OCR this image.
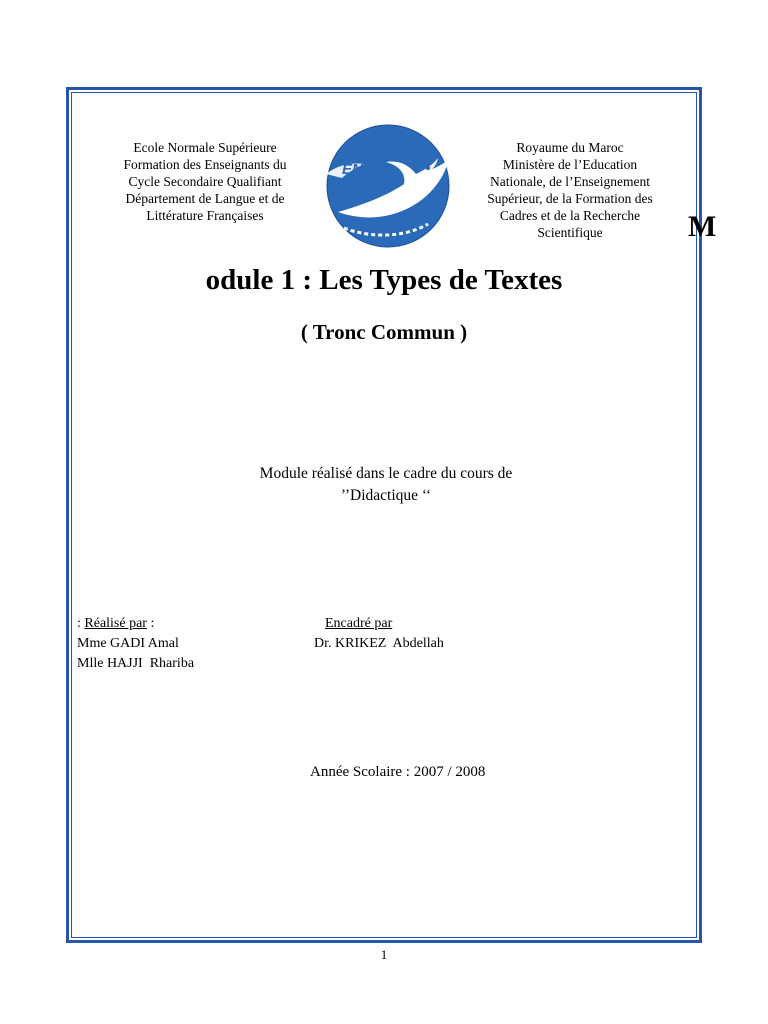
Ecole Normale Supérieure
Formation des Enseignants du
Cycle Secondaire Qualifiant
Département de Langue et de
Littérature Françaises
ENS
Royaume du Maroc
Ministère de l’Education
Nationale, de l’Enseignement
Supérieur, de la Formation des
Cadres et de la Recherche
Scientifique	M
odule 1 : Les Types de Textes
( Tronc Commun )
Module réalisé dans le cadre du cours de
’’Didactique ‘‘
: Réalisé par :
Mme GADI Amal
Mlle HAJJI  Rhariba
Encadré par
Dr. KRIKEZ  Abdellah
Année Scolaire : 2007 / 2008
1
